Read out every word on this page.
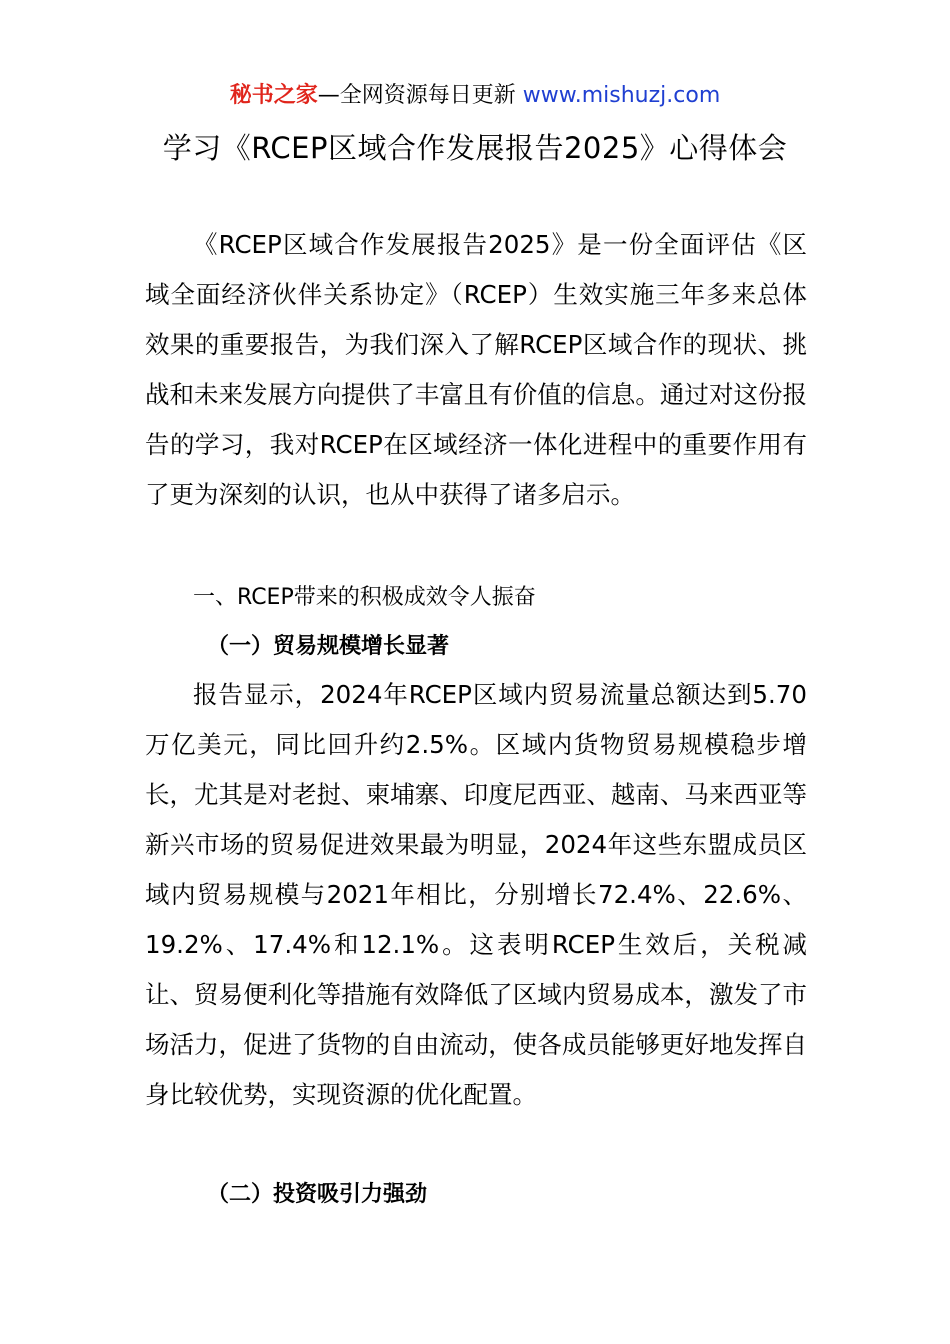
秘书之家—全网资源每日更新 www.mishuzj.com
学习《RCEP区域合作发展报告2025》心得体会

《RCEP区域合作发展报告2025》是一份全面评估《区域全面经济伙伴关系协定》（RCEP）生效实施三年多来总体效果的重要报告，为我们深入了解RCEP区域合作的现状、挑战和未来发展方向提供了丰富且有价值的信息。通过对这份报告的学习，我对RCEP在区域经济一体化进程中的重要作用有了更为深刻的认识，也从中获得了诸多启示。

一、RCEP带来的积极成效令人振奋

（一）贸易规模增长显著

报告显示，2024年RCEP区域内贸易流量总额达到5.70万亿美元，同比回升约2.5%。区域内货物贸易规模稳步增长，尤其是对老挝、柬埔寨、印度尼西亚、越南、马来西亚等新兴市场的贸易促进效果最为明显，2024年这些东盟成员区域内贸易规模与2021年相比，分别增长72.4%、22.6%、19.2%、17.4%和12.1%。这表明RCEP生效后，关税减让、贸易便利化等措施有效降低了区域内贸易成本，激发了市场活力，促进了货物的自由流动，使各成员能够更好地发挥自身比较优势，实现资源的优化配置。

（二）投资吸引力强劲
